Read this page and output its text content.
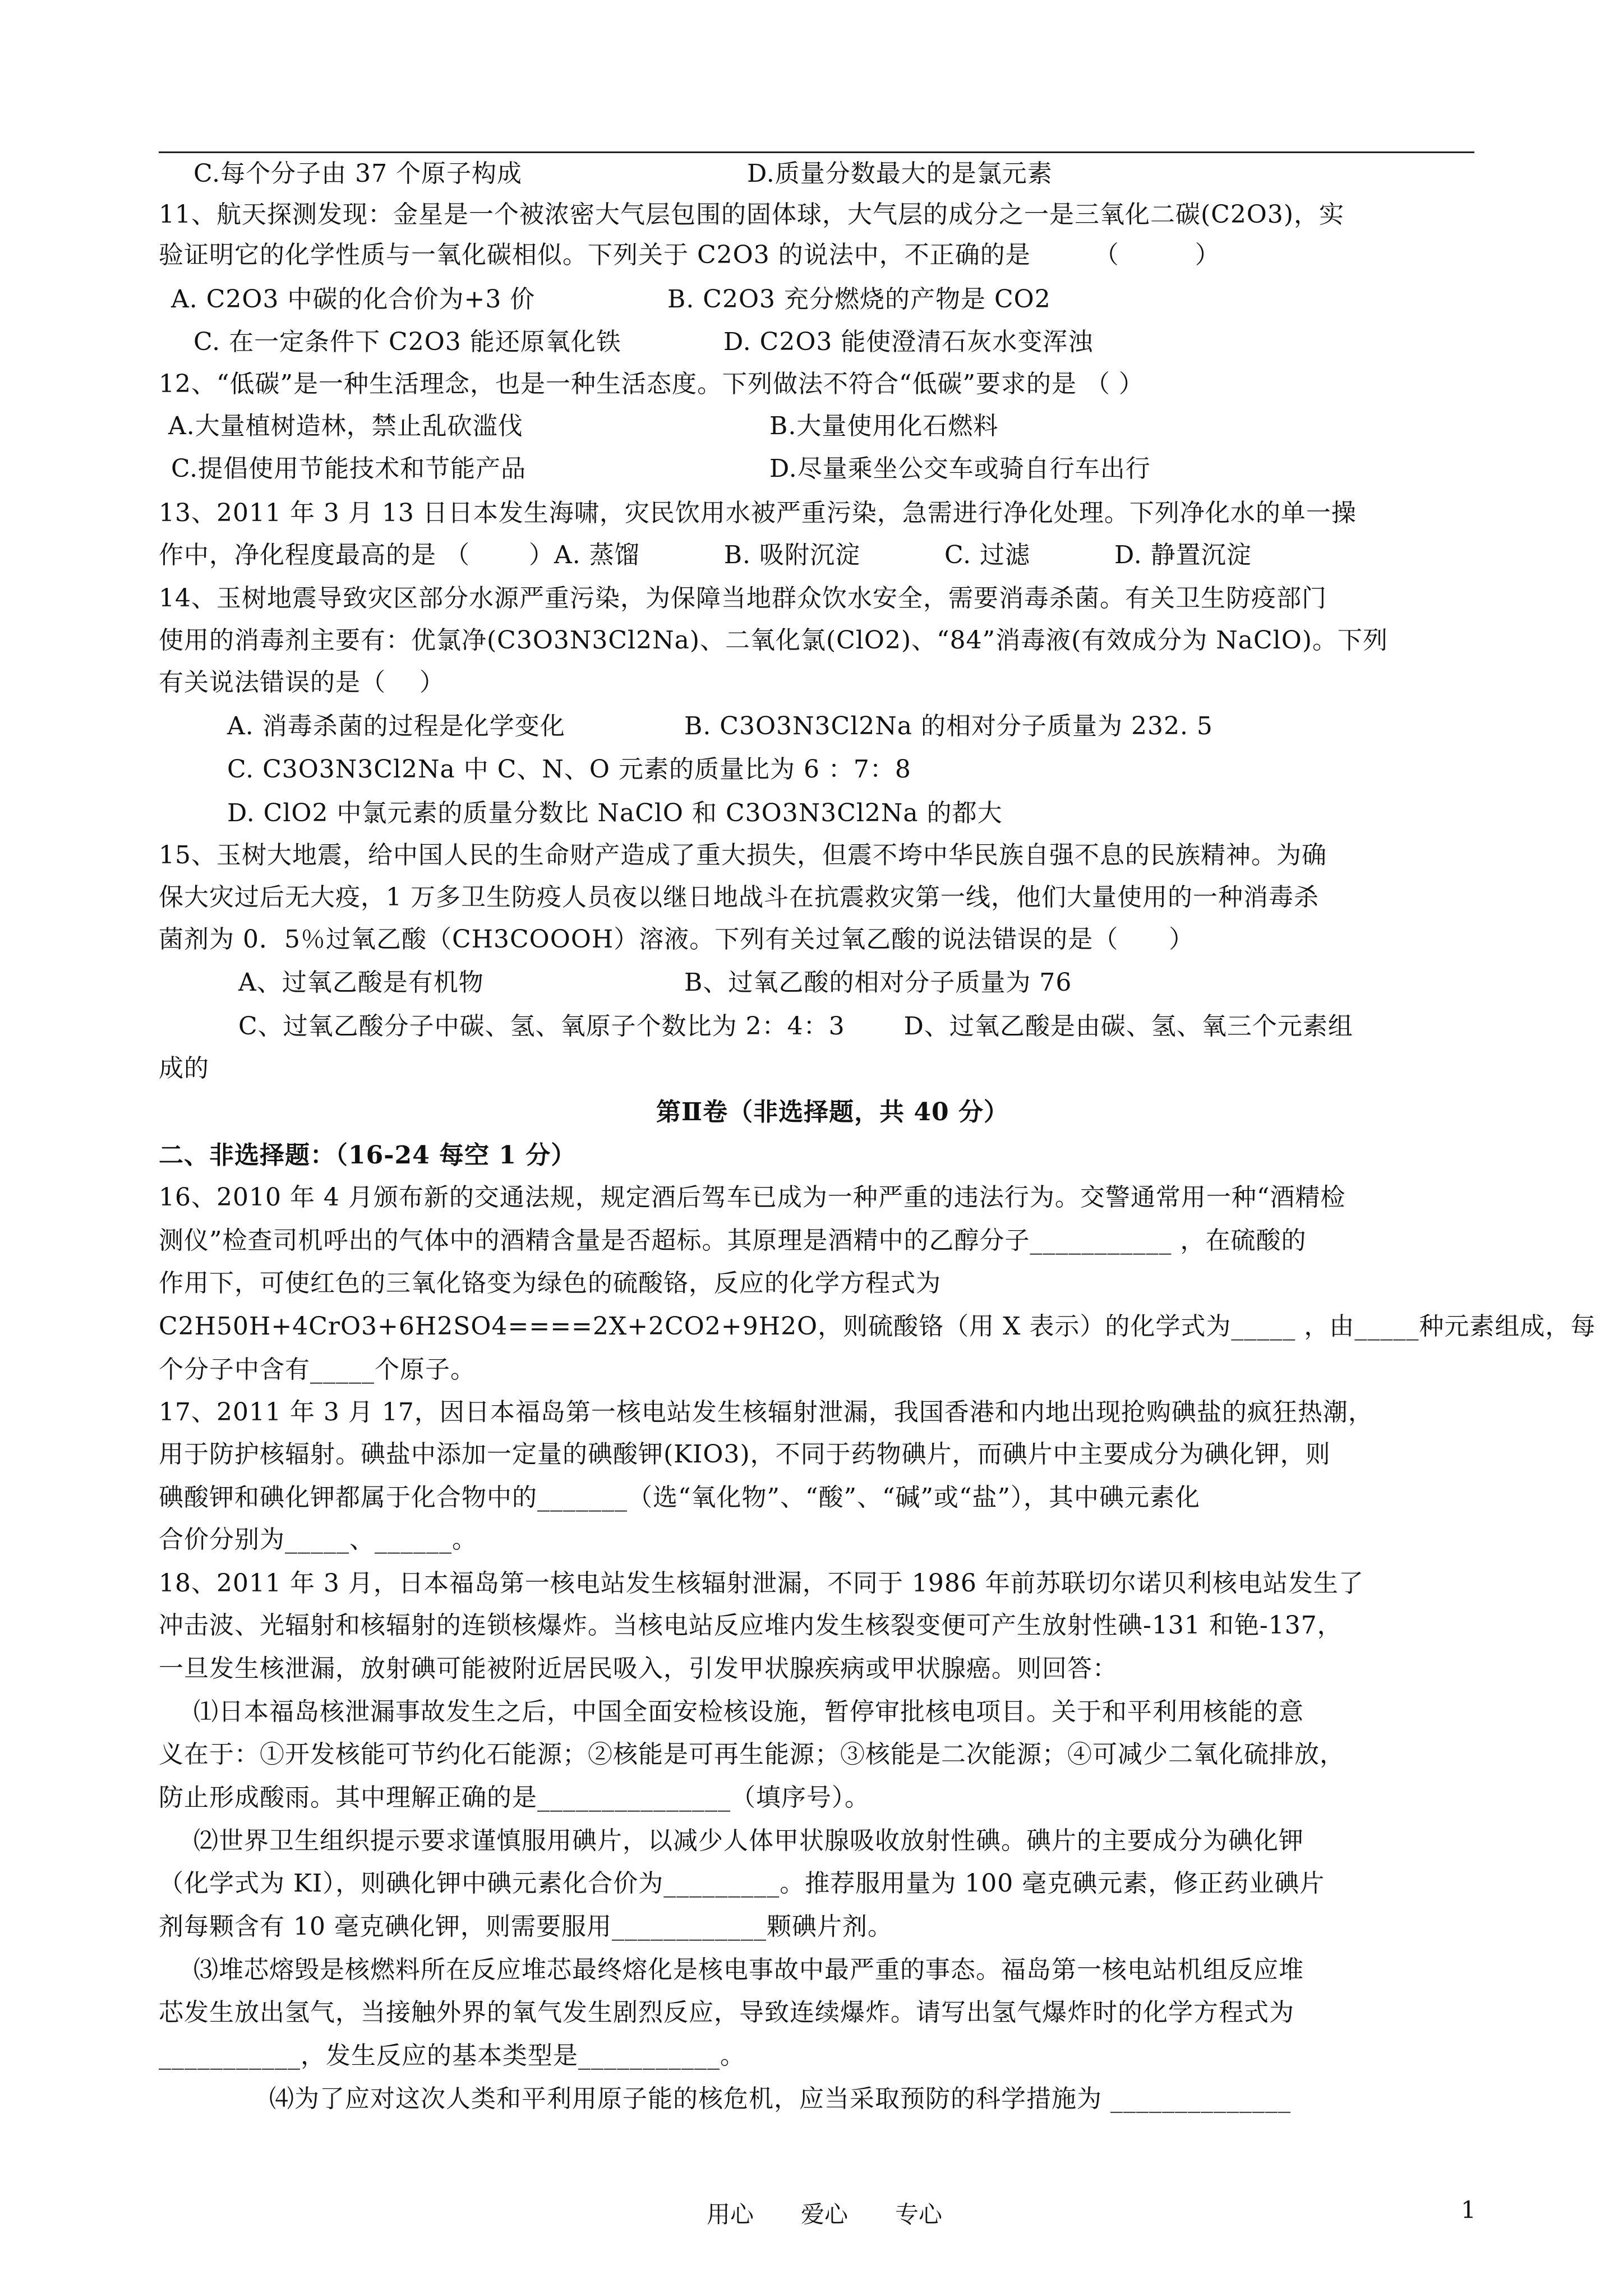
C.每个分子由 37 个原子构成	D.质量分数最大的是氯元素
11、航天探测发现：金星是一个被浓密大气层包围的固体球，大气层的成分之一是三氧化二碳(C2O3)，实
验证明它的化学性质与一氧化碳相似。下列关于 C2O3 的说法中，不正确的是　　　（　　　）
A. C2O3 中碳的化合价为+3 价	B. C2O3 充分燃烧的产物是 CO2
C. 在一定条件下 C2O3 能还原氧化铁	D. C2O3 能使澄清石灰水变浑浊
12、“低碳”是一种生活理念，也是一种生活态度。下列做法不符合“低碳”要求的是 （ ）
A.大量植树造林，禁止乱砍滥伐	B.大量使用化石燃料
C.提倡使用节能技术和节能产品	D.尽量乘坐公交车或骑自行车出行
13、2011 年 3 月 13 日日本发生海啸，灾民饮用水被严重污染，急需进行净化处理。下列净化水的单一操
作中，净化程度最高的是 （　　 ）A. 蒸馏　　　 B. 吸附沉淀　　　 C. 过滤　　　 D. 静置沉淀
14、玉树地震导致灾区部分水源严重污染，为保障当地群众饮水安全，需要消毒杀菌。有关卫生防疫部门
使用的消毒剂主要有：优氯净(C3O3N3Cl2Na)、二氧化氯(ClO2)、“84”消毒液(有效成分为 NaClO)。下列
有关说法错误的是（　 ）
A. 消毒杀菌的过程是化学变化	B. C3O3N3Cl2Na 的相对分子质量为 232. 5
C. C3O3N3Cl2Na 中 C、N、O 元素的质量比为 6 ：7：8
D. ClO2 中氯元素的质量分数比 NaClO 和 C3O3N3Cl2Na 的都大
15、玉树大地震，给中国人民的生命财产造成了重大损失，但震不垮中华民族自强不息的民族精神。为确
保大灾过后无大疫，1 万多卫生防疫人员夜以继日地战斗在抗震救灾第一线，他们大量使用的一种消毒杀
菌剂为 0．5％过氧乙酸（CH3COOOH）溶液。下列有关过氧乙酸的说法错误的是（　　）
A、过氧乙酸是有机物	B、过氧乙酸的相对分子质量为 76
C、过氧乙酸分子中碳、氢、氧原子个数比为 2：4：3　　 D、过氧乙酸是由碳、氢、氧三个元素组
成的
第Ⅱ卷（非选择题，共 40 分）
二、非选择题：（16-24 每空 1 分）
16、2010 年 4 月颁布新的交通法规，规定酒后驾车已成为一种严重的违法行为。交警通常用一种“酒精检
测仪”检查司机呼出的气体中的酒精含量是否超标。其原理是酒精中的乙醇分子___________ ，在硫酸的
作用下，可使红色的三氧化铬变为绿色的硫酸铬，反应的化学方程式为
C2H50H+4CrO3+6H2SO4====2X+2CO2+9H2O，则硫酸铬（用 X 表示）的化学式为_____ ，由_____种元素组成，每
个分子中含有_____个原子。
17、2011 年 3 月 17，因日本福岛第一核电站发生核辐射泄漏，我国香港和内地出现抢购碘盐的疯狂热潮，
用于防护核辐射。碘盐中添加一定量的碘酸钾(KIO3)，不同于药物碘片，而碘片中主要成分为碘化钾，则
碘酸钾和碘化钾都属于化合物中的_______（选“氧化物”、“酸”、“碱”或“盐”），其中碘元素化
合价分别为_____、______。
18、2011 年 3 月，日本福岛第一核电站发生核辐射泄漏，不同于 1986 年前苏联切尔诺贝利核电站发生了
冲击波、光辐射和核辐射的连锁核爆炸。当核电站反应堆内发生核裂变便可产生放射性碘-131 和铯-137，
一旦发生核泄漏，放射碘可能被附近居民吸入，引发甲状腺疾病或甲状腺癌。则回答：
⑴日本福岛核泄漏事故发生之后，中国全面安检核设施，暂停审批核电项目。关于和平利用核能的意
义在于：①开发核能可节约化石能源；②核能是可再生能源；③核能是二次能源；④可减少二氧化硫排放，
防止形成酸雨。其中理解正确的是_______________（填序号）。
⑵世界卫生组织提示要求谨慎服用碘片，以减少人体甲状腺吸收放射性碘。碘片的主要成分为碘化钾
（化学式为 KI），则碘化钾中碘元素化合价为_________。推荐服用量为 100 毫克碘元素，修正药业碘片
剂每颗含有 10 毫克碘化钾，则需要服用____________颗碘片剂。
⑶堆芯熔毁是核燃料所在反应堆芯最终熔化是核电事故中最严重的事态。福岛第一核电站机组反应堆
芯发生放出氢气，当接触外界的氧气发生剧烈反应，导致连续爆炸。请写出氢气爆炸时的化学方程式为
___________，发生反应的基本类型是___________。
⑷为了应对这次人类和平利用原子能的核危机，应当采取预防的科学措施为 ______________
用心　　爱心　　专心	1
